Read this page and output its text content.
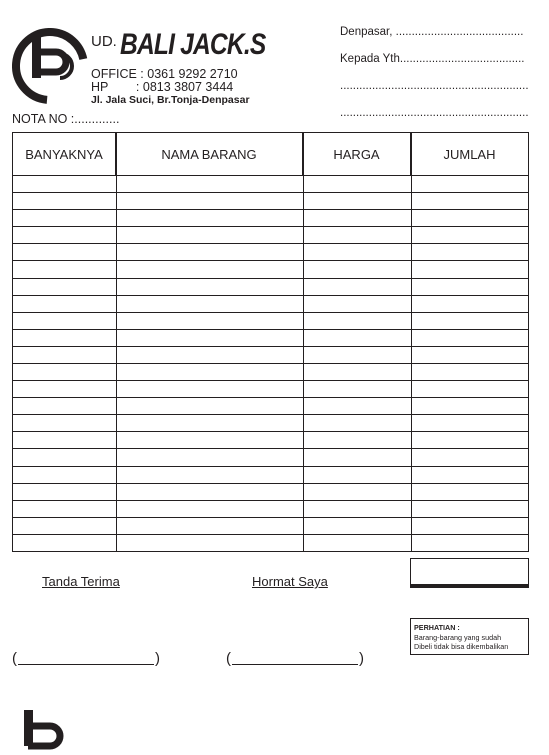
UD. BALI JACK.S
OFFICE : 0361 9292 2710
HP        : 0813 3807 3444
Jl. Jala Suci, Br.Tonja-Denpasar
NOTA NO :.............
Denpasar, ........................................
Kepada Yth.......................................
...........................................................
...........................................................
BANYAKNYA	NAMA BARANG	HARGA	JUMLAH
Tanda Terima	Hormat Saya
PERHATIAN :
Barang-barang yang sudah
Dibeli tidak bisa dikembalikan
(	)	(	)
